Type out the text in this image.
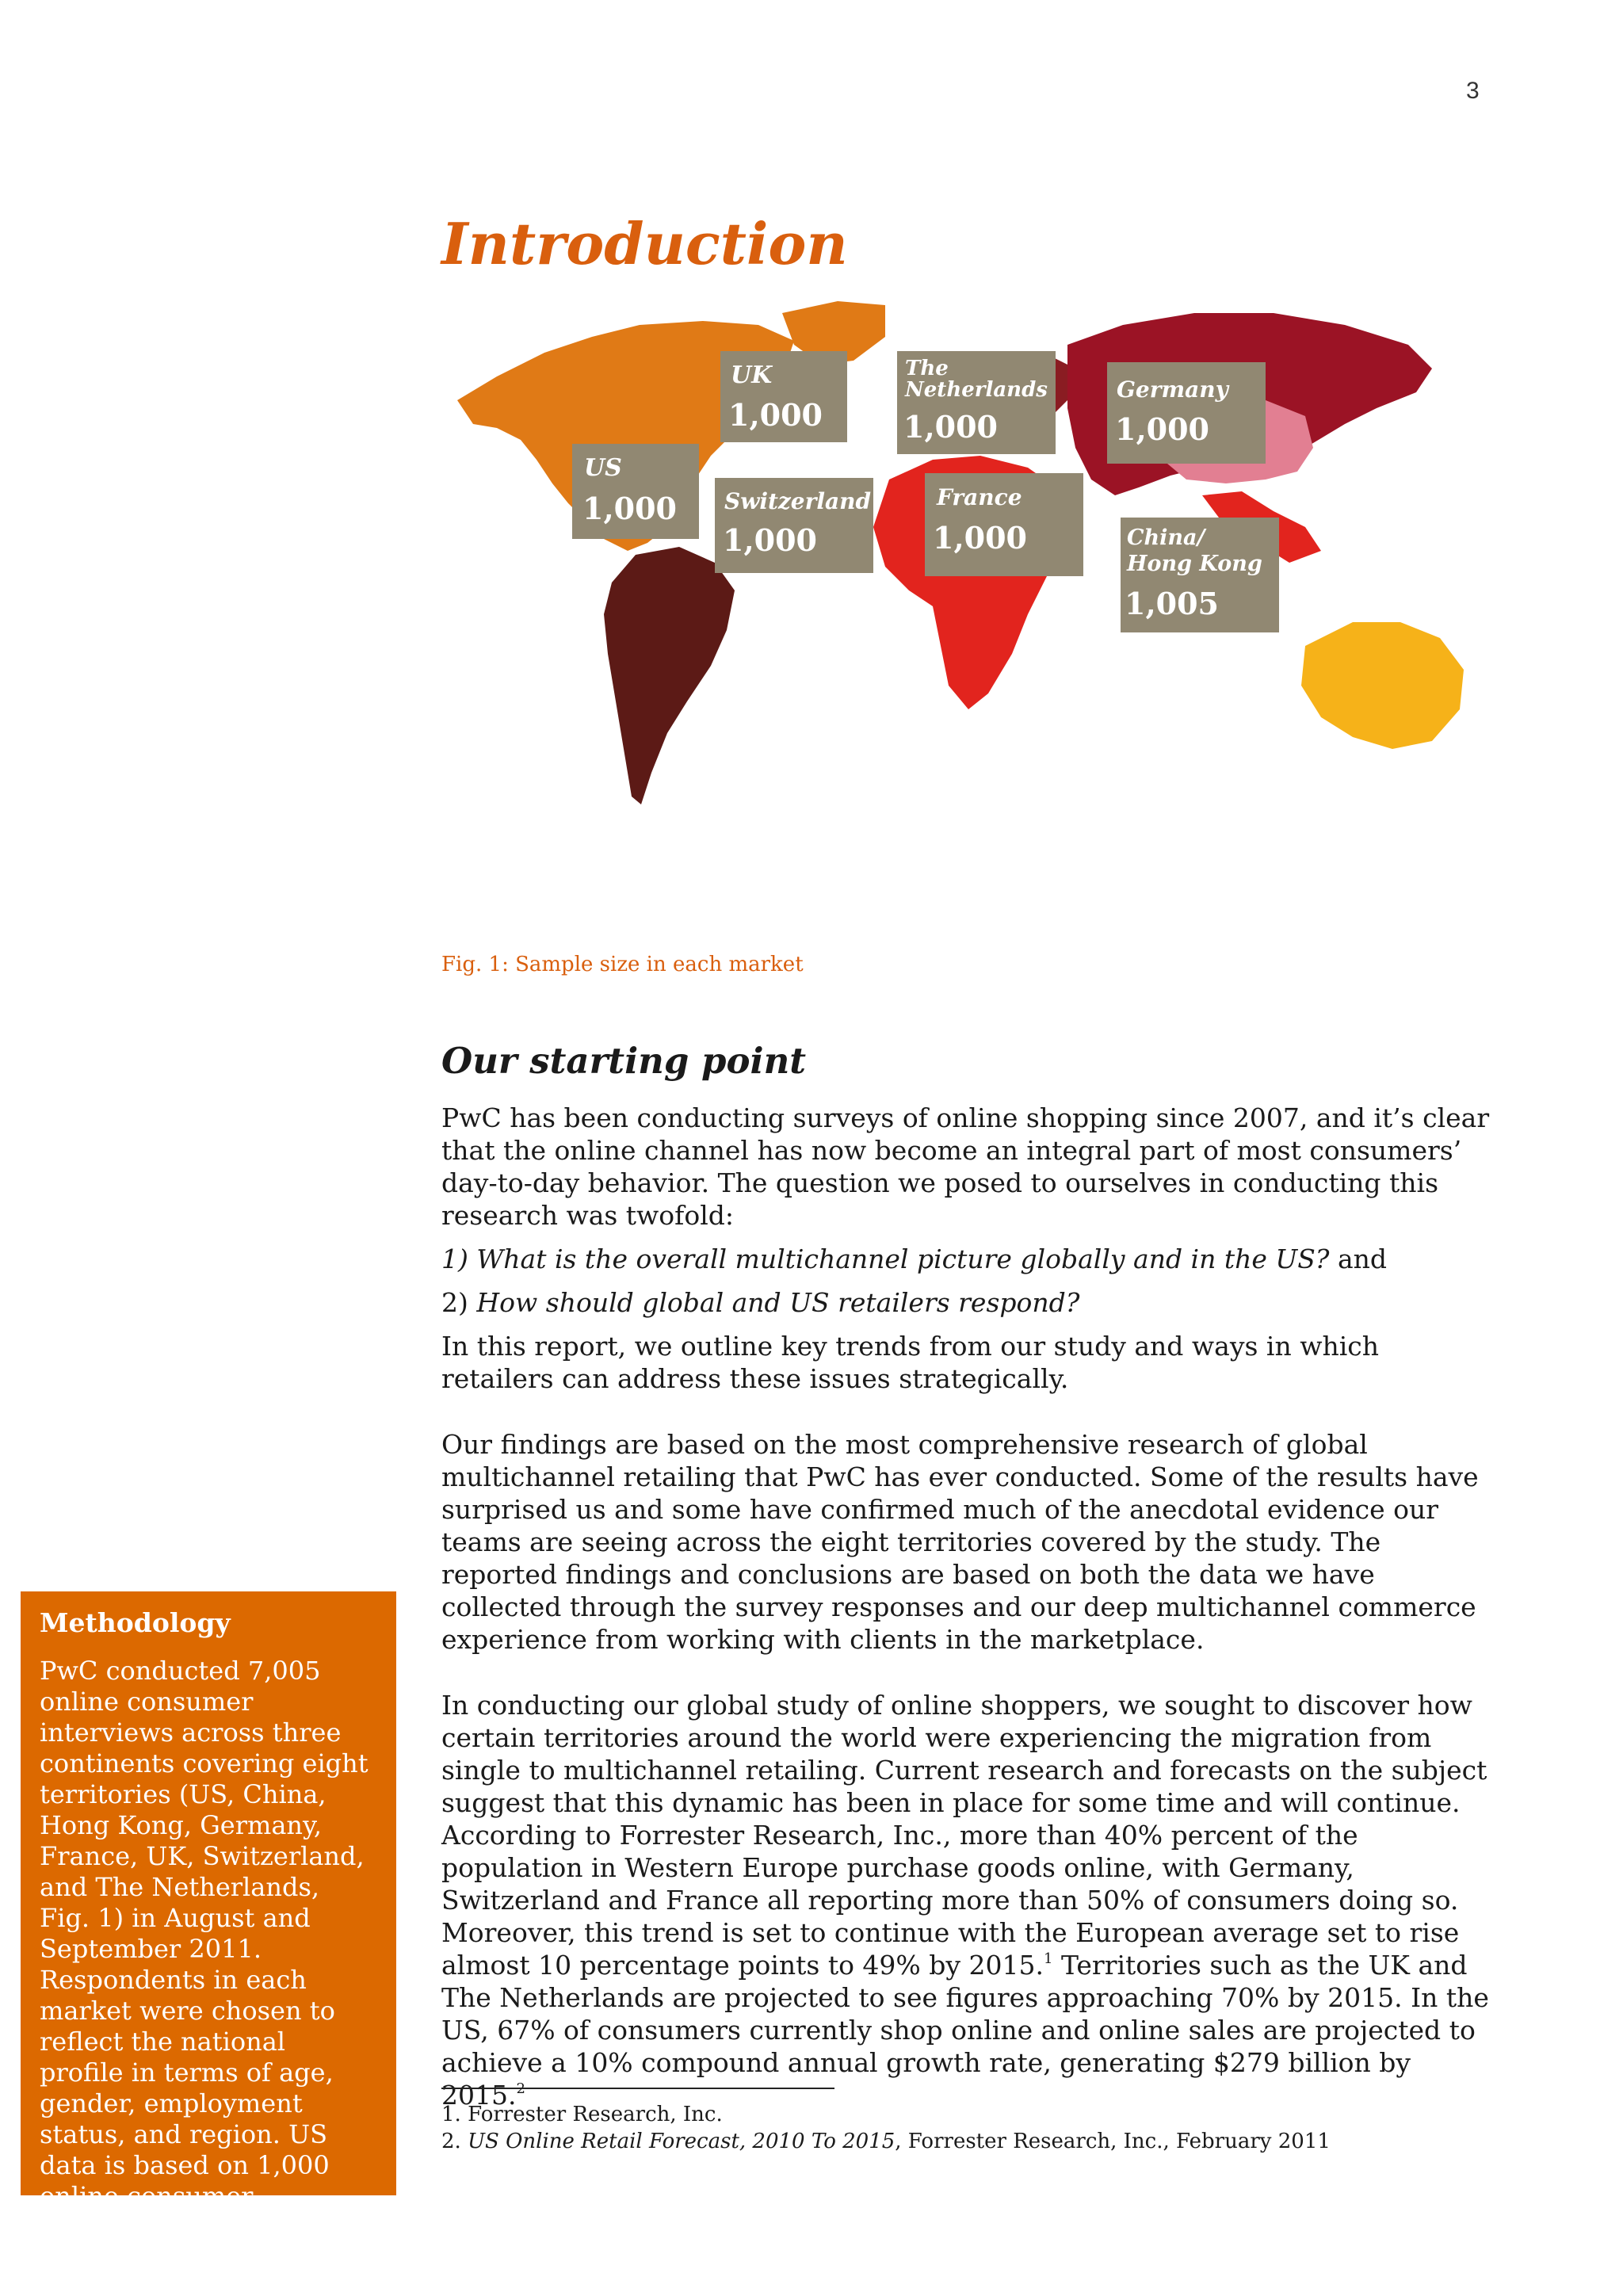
3
Introduction
US
1,000
UK
1,000
The
Netherlands
1,000
Germany
1,000
Switzerland
1,000
France
1,000	China/
Hong Kong
1,005
Fig. 1: Sample size in each market
Our starting point

PwC has been conducting surveys of online shopping since 2007, and it’s clear that the online channel has now become an integral part of most consumers’ day-to-day behavior. The question we posed to ourselves in conducting this research was twofold:

1) What is the overall multichannel picture globally and in the US? and

2) How should global and US retailers respond?

In this report, we outline key trends from our study and ways in which retailers can address these issues strategically.

Our findings are based on the most comprehensive research of global multichannel retailing that PwC has ever conducted. Some of the results have surprised us and some have confirmed much of the anecdotal evidence our teams are seeing across the eight territories covered by the study. The reported findings and conclusions are based on both the data we have collected through the survey responses and our deep multichannel commerce experience from working with clients in the marketplace.

In conducting our global study of online shoppers, we sought to discover how certain territories around the world were experiencing the migration from single to multichannel retailing. Current research and forecasts on the subject suggest that this dynamic has been in place for some time and will continue. According to Forrester Research, Inc., more than 40% percent of the population in Western Europe purchase goods online, with Germany, Switzerland and France all reporting more than 50% of consumers doing so. Moreover, this trend is set to continue with the European average set to rise almost 10 percentage points to 49% by 2015.$^1$ Territories such as the UK and The Netherlands are projected to see figures approaching 70% by 2015. In the US, 67% of consumers currently shop online and online sales are projected to achieve a 10% compound annual growth rate, generating $279 billion by 2015.$^2$

1. Forrester Research, Inc.
2. US Online Retail Forecast, 2010 To 2015, Forrester Research, Inc., February 2011
Methodology

PwC conducted 7,005 online consumer interviews across three continents covering eight territories (US, China, Hong Kong, Germany, France, UK, Switzerland, and The Netherlands, Fig. 1) in August and September 2011. Respondents in each market were chosen to reflect the national profile in terms of age, gender, employment status, and region. US data is based on 1,000 online consumer interviews.
